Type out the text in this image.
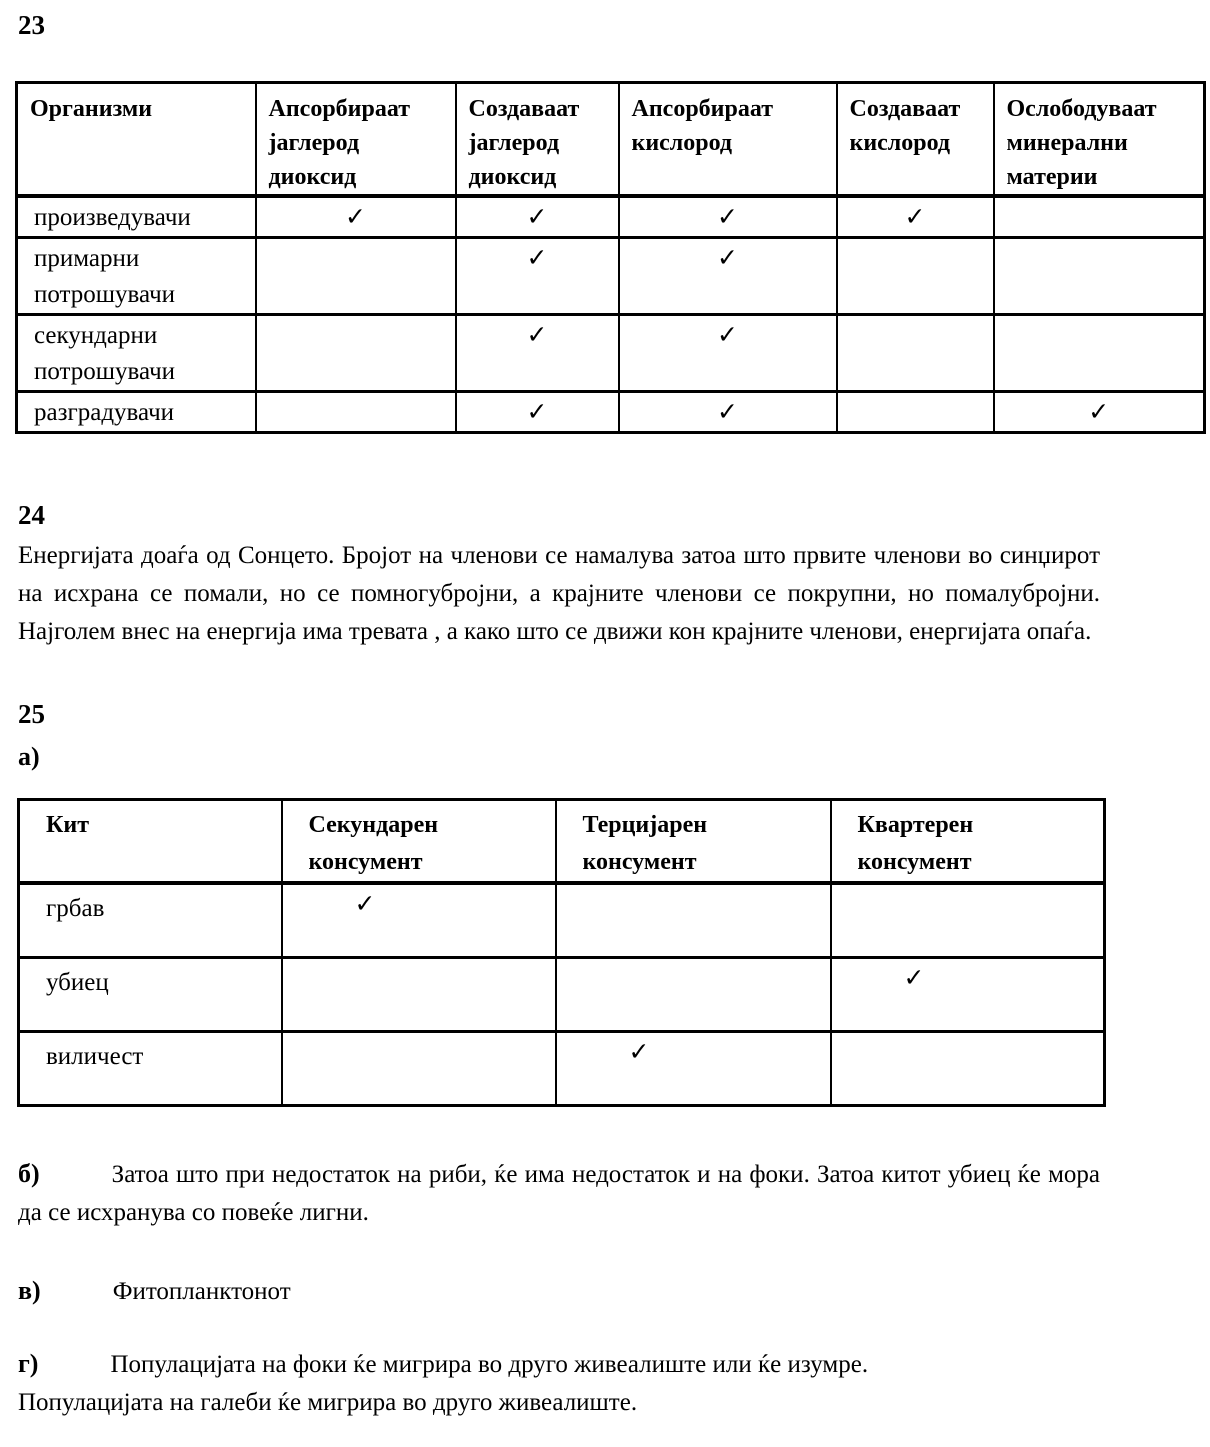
23
Организми	Апсорбираат јаглерод диоксид	Создаваат јаглерод диоксид	Апсорбираат кислород	Создаваат кислород	Ослободуваат минерални материи
произведувачи	✓	✓	✓	✓	
примарни потрошувачи		✓	✓		
секундарни потрошувачи		✓	✓		
разградувачи		✓	✓		✓
24

Енергијата доаѓа од Сонцето. Бројот на членови се намалува затоа што првите членови во синџирот на исхрана се помали, но се помногубројни, а крајните членови се покрупни, но помалубројни. Најголем внес на енергија има тревата , а како што се движи кон крајните членови, енергијата опаѓа.

25
а)
Кит	Секундарен консумент	Терцијарен консумент	Квартерен консумент
грбав	✓		
убиец			✓
виличест		✓	

б)	Затоа што при недостаток на риби, ќе има недостаток и на фоки. Затоа китот убиец ќе мора да се исхранува со повеќе лигни.

в)	Фитопланктонот

г)	Популацијата на фоки ќе мигрира во друго живеалиште или ќе изумре.
Популацијата на галеби ќе мигрира во друго живеалиште.
